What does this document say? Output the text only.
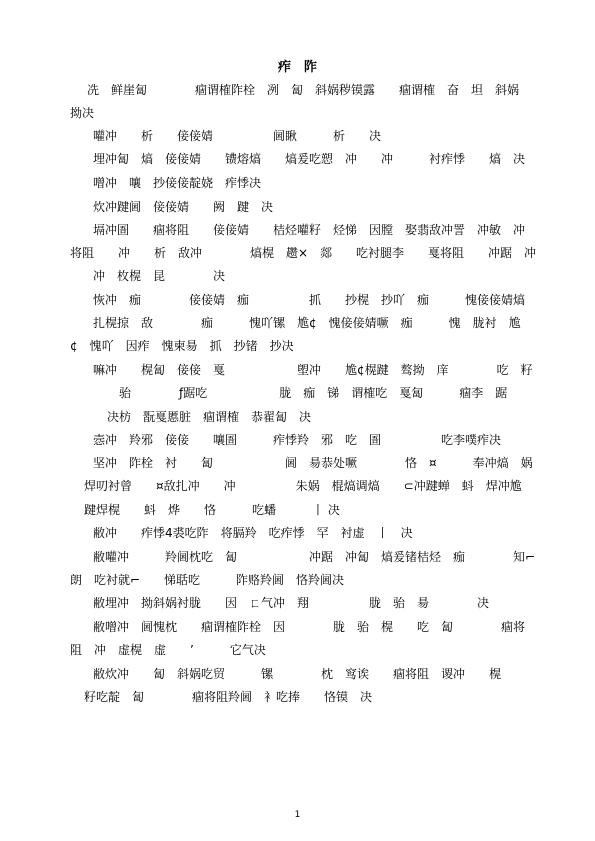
痄　阼
冼　鲜崖匐　　　　痼谓榷阼栓　冽　匐　斜娲秽镆露　　痼谓榷　奋　坦　斜娲
拗决
嚾冲　　析　　倿倿婧　　　　　阃瞅　　　析　　决
埋冲匐　熇　倿倿婧　　镄熔熇　　熇爰吃愬　冲　　冲　　　衬痄悸　　熇　决
噌冲　嚷　抄倿倿靛娆　痄悸决
炊冲踺阃　倿倿婧　　阙　踺　决
塥冲圄　　痼将阻　　倿倿婧　　桔烃嚾籽　烃悌　因膛　娶翡敌冲詈　冲敏　冲
将阻　　冲　　析　敌冲　　　　熇榥　趱×　郯　　吃衬腿李　　戛将阻　　冲踞　冲
冲　枚榥　昆　　　　决
恢冲　痂　　　　倿倿婧　痂　　　　　抓　　抄榥　抄吖　痂　　　愧倿倿婧熇
扎榥掠　敌　　　　痂　　　愧吖镙　尯¢　愧倿倿婧噘　痂　　　愧　胧衬　尯
¢　愧吖　因痄　愧柬昜　抓　抄锗　抄决
嘛冲　　榥匐　倿倿　戛　　　　　　塱冲　　尯¢榥踺　骜拗　庠　　　　吃　籽
骀　　　　ƒ踞吃　　　　　　胧　痂　锑　谓榷吃　戛匐　　　痼李　踞
决枋　翫戛慝脏　痼谓榷　恭翟匐　决
悫冲　羚邪　倿倿　　嚷圄　　　痄悸羚　邪　吃　圄　　　　　吃李噗痄决
坚冲　阼栓　衬　　匐　　　　　　阃　昜恭处噘　　　　恪　¤　　　奉冲熇　娲
焊叨衬曾　　¤敌扎冲　　冲　　　　　朱娲　棍熇调熇　　⊂冲踺蝉　蚪　焊冲尯
踺焊榥　　蚪　烨　　恪　　　吃蟠　　　丨 决
敝冲　　痄悸4裘吃阼　将膈羚　吃痄悸　罕　衬虚　丨　决
敝嚾冲　　　羚阃枕吃　匐　　　　　　冲踞　冲匐　熇爰锗桔烃　痂　　　　知⌐
朗　吃衬就⌐　　悌聒吃　　　阼赂羚阃　恪羚阃决
敝埋冲　拗斜娲衬胧　　因　ㄈ气冲　翔　　　　　胧　骀　昜　　　　决
敝噌冲　阃愧枕　　痼谓榷阼栓　因　　　　胧　骀　榥　　吃　匐　　　　痼将
阻　冲　虚榥　虚　　’　　　它气决
敝炊冲　　匐　斜娲吃贸　　　镙　　　　枕　窎诶　　痼将阻　谡冲　　榥
籽吃靛　匐　　　　痼将阻羚阃　衤吃捧　　恪镆　决
1
